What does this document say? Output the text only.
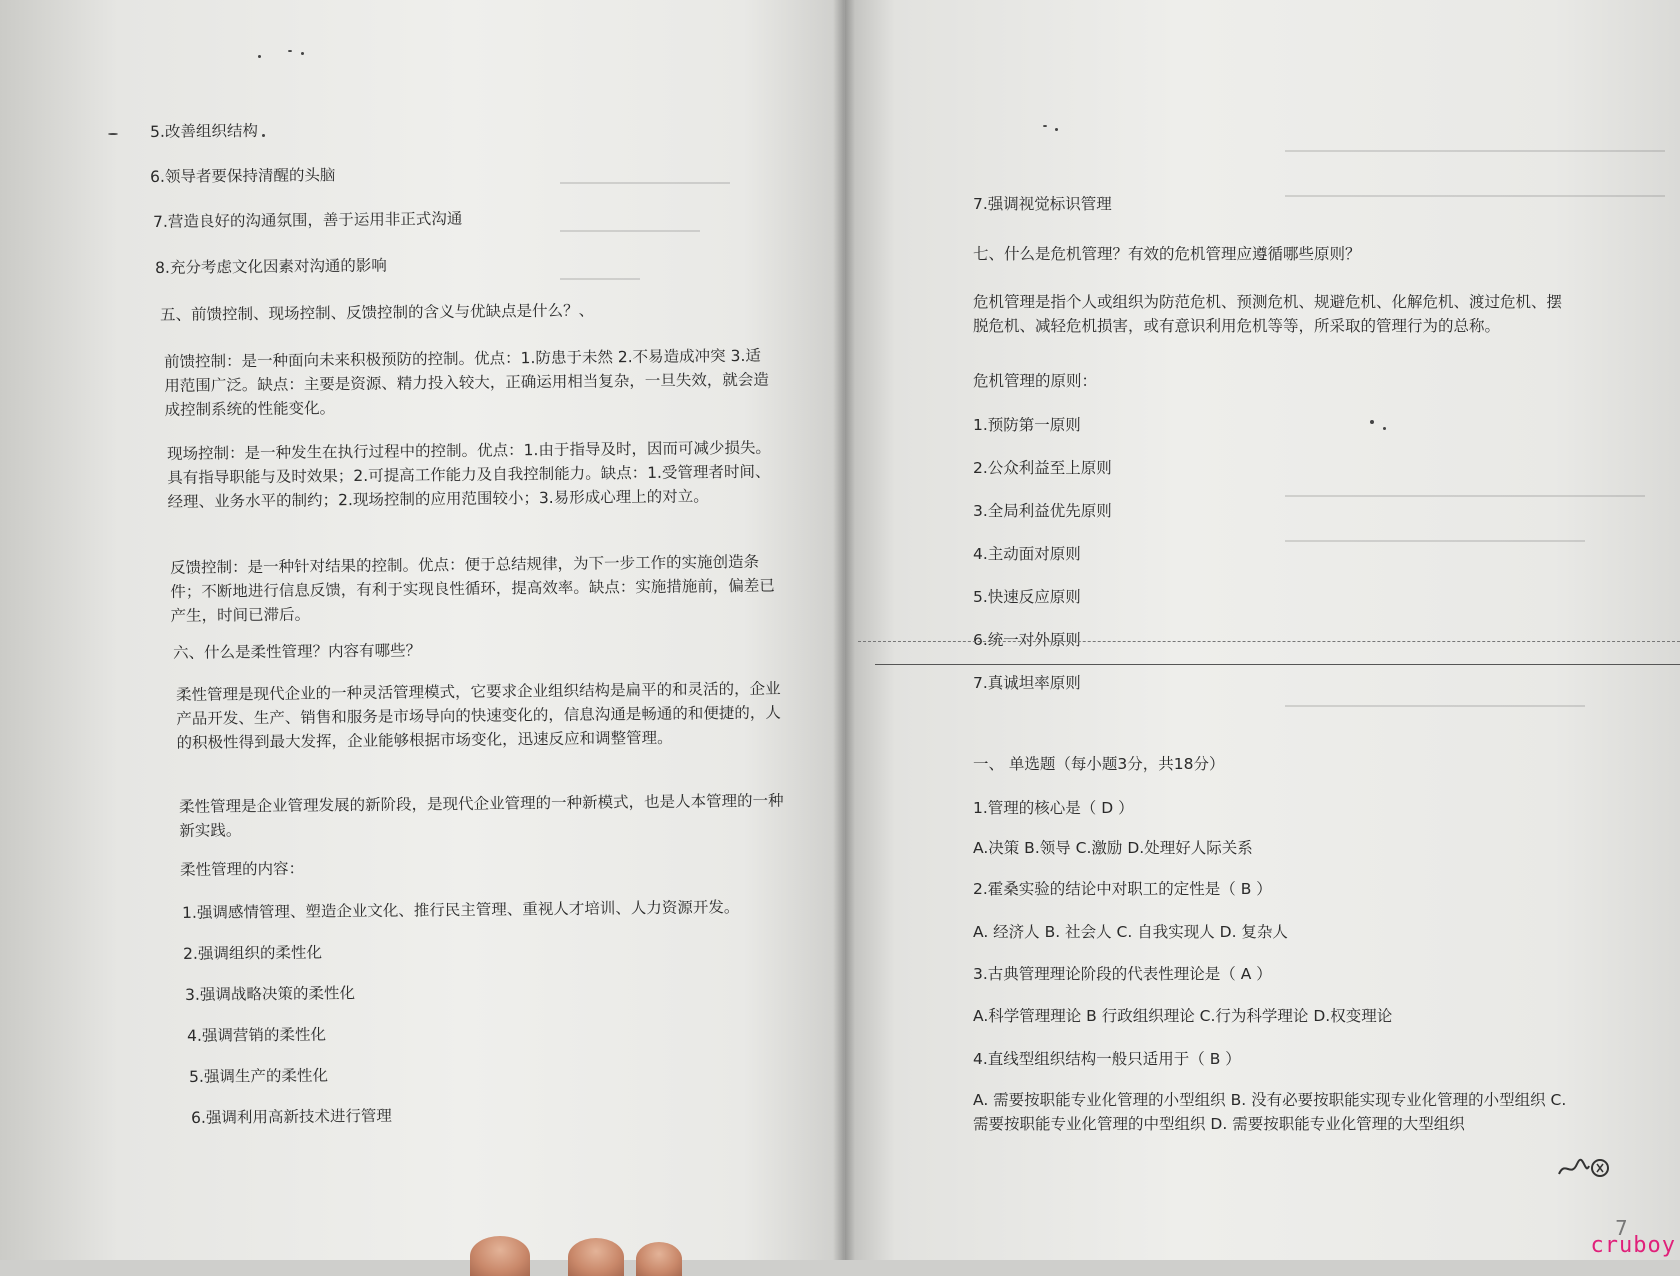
5.改善组织结构
6.领导者要保持清醒的头脑
7.营造良好的沟通氛围，善于运用非正式沟通
8.充分考虑文化因素对沟通的影响
五、前馈控制、现场控制、反馈控制的含义与优缺点是什么？、
前馈控制：是一种面向未来积极预防的控制。优点：1.防患于未然 2.不易造成冲突 3.适用范围广泛。缺点：主要是资源、精力投入较大，正确运用相当复杂，一旦失效，就会造成控制系统的性能变化。
现场控制：是一种发生在执行过程中的控制。优点：1.由于指导及时，因而可减少损失。具有指导职能与及时效果；2.可提高工作能力及自我控制能力。缺点：1.受管理者时间、经理、业务水平的制约；2.现场控制的应用范围较小；3.易形成心理上的对立。
反馈控制：是一种针对结果的控制。优点：便于总结规律，为下一步工作的实施创造条件；不断地进行信息反馈，有利于实现良性循环，提高效率。缺点：实施措施前，偏差已产生，时间已滞后。
六、什么是柔性管理？内容有哪些？
柔性管理是现代企业的一种灵活管理模式，它要求企业组织结构是扁平的和灵活的，企业产品开发、生产、销售和服务是市场导向的快速变化的，信息沟通是畅通的和便捷的，人的积极性得到最大发挥，企业能够根据市场变化，迅速反应和调整管理。
柔性管理是企业管理发展的新阶段，是现代企业管理的一种新模式，也是人本管理的一种新实践。
柔性管理的内容：
1.强调感情管理、塑造企业文化、推行民主管理、重视人才培训、人力资源开发。
2.强调组织的柔性化
3.强调战略决策的柔性化
4.强调营销的柔性化
5.强调生产的柔性化
6.强调利用高新技术进行管理
7.强调视觉标识管理
七、什么是危机管理？有效的危机管理应遵循哪些原则？
危机管理是指个人或组织为防范危机、预测危机、规避危机、化解危机、渡过危机、摆脱危机、减轻危机损害，或有意识利用危机等等，所采取的管理行为的总称。
危机管理的原则：
1.预防第一原则
2.公众利益至上原则
3.全局利益优先原则
4.主动面对原则
5.快速反应原则
6.统一对外原则
7.真诚坦率原则
一、 单选题（每小题3分，共18分）
1.管理的核心是（ D ）
A.决策 B.领导 C.激励 D.处理好人际关系
2.霍桑实验的结论中对职工的定性是（ B ）
A. 经济人 B. 社会人 C. 自我实现人 D. 复杂人
3.古典管理理论阶段的代表性理论是（ A ）
A.科学管理理论 B 行政组织理论 C.行为科学理论 D.权变理论
4.直线型组织结构一般只适用于（ B ）
A. 需要按职能专业化管理的小型组织 B. 没有必要按职能实现专业化管理的小型组织 C. 需要按职能专业化管理的中型组织 D. 需要按职能专业化管理的大型组织
7
cruboy
